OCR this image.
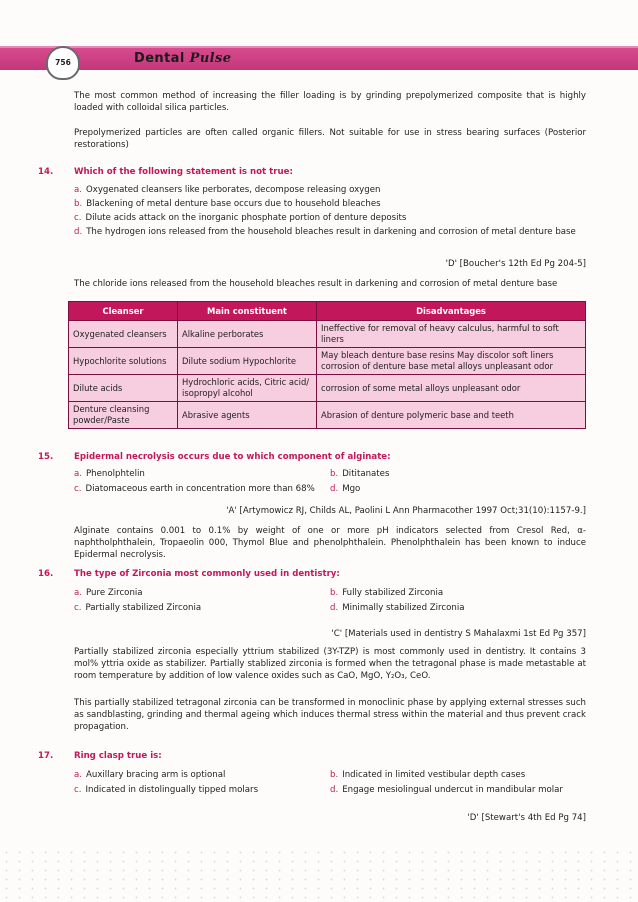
756	Dental Pulse
The most common method of increasing the filler loading is by grinding prepolymerized composite that is highly loaded with colloidal silica particles.
Prepolymerized particles are often called organic fillers. Not suitable for use in stress bearing surfaces (Posterior restorations)
14. Which of the following statement is not true:
a. Oxygenated cleansers like perborates, decompose releasing oxygen
b. Blackening of metal denture base occurs due to household bleaches
c. Dilute acids attack on the inorganic phosphate portion of denture deposits
d. The hydrogen ions released from the household bleaches result in darkening and corrosion of metal denture base
'D' [Boucher's 12th Ed Pg 204-5]
The chloride ions released from the household bleaches result in darkening and corrosion of metal denture base
Cleanser	Main constituent	Disadvantages
Oxygenated cleansers	Alkaline perborates	Ineffective for removal of heavy calculus, harmful to soft liners
Hypochlorite solutions	Dilute sodium Hypochlorite	May bleach denture base resins May discolor soft liners corrosion of denture base metal alloys unpleasant odor
Dilute acids	Hydrochloric acids, Citric acid/ isopropyl alcohol	corrosion of some metal alloys unpleasant odor
Denture cleansing powder/Paste	Abrasive agents	Abrasion of denture polymeric base and teeth
15. Epidermal necrolysis occurs due to which component of alginate:
a. Phenolphtelin	b. Dititanates
c. Diatomaceous earth in concentration more than 68% d. Mgo
'A' [Artymowicz RJ, Childs AL, Paolini L Ann Pharmacother 1997 Oct;31(10):1157-9.]
Alginate contains 0.001 to 0.1% by weight of one or more pH indicators selected from Cresol Red, α-naphtholphthalein, Tropaeolin 000, Thymol Blue and phenolphthalein. Phenolphthalein has been known to induce Epidermal necrolysis.
16. The type of Zirconia most commonly used in dentistry:
a. Pure Zirconia	b. Fully stabilized Zirconia
c. Partially stabilized Zirconia	d. Minimally stabilized Zirconia
'C' [Materials used in dentistry S Mahalaxmi 1st Ed Pg 357]
Partially stabilized zirconia especially yttrium stabilized (3Y-TZP) is most commonly used in dentistry. It contains 3 mol% yttria oxide as stabilizer. Partially stablized zirconia is formed when the tetragonal phase is made metastable at room temperature by addition of low valence oxides such as CaO, MgO, Y₂O₃, CeO.
This partially stabilized tetragonal zirconia can be transformed in monoclinic phase by applying external stresses such as sandblasting, grinding and thermal ageing which induces thermal stress within the material and thus prevent crack propagation.
17. Ring clasp true is:
a. Auxillary bracing arm is optional	b. Indicated in limited vestibular depth cases
c. Indicated in distolingually tipped molars	d. Engage mesiolingual undercut in mandibular molar
'D' [Stewart's 4th Ed Pg 74]
